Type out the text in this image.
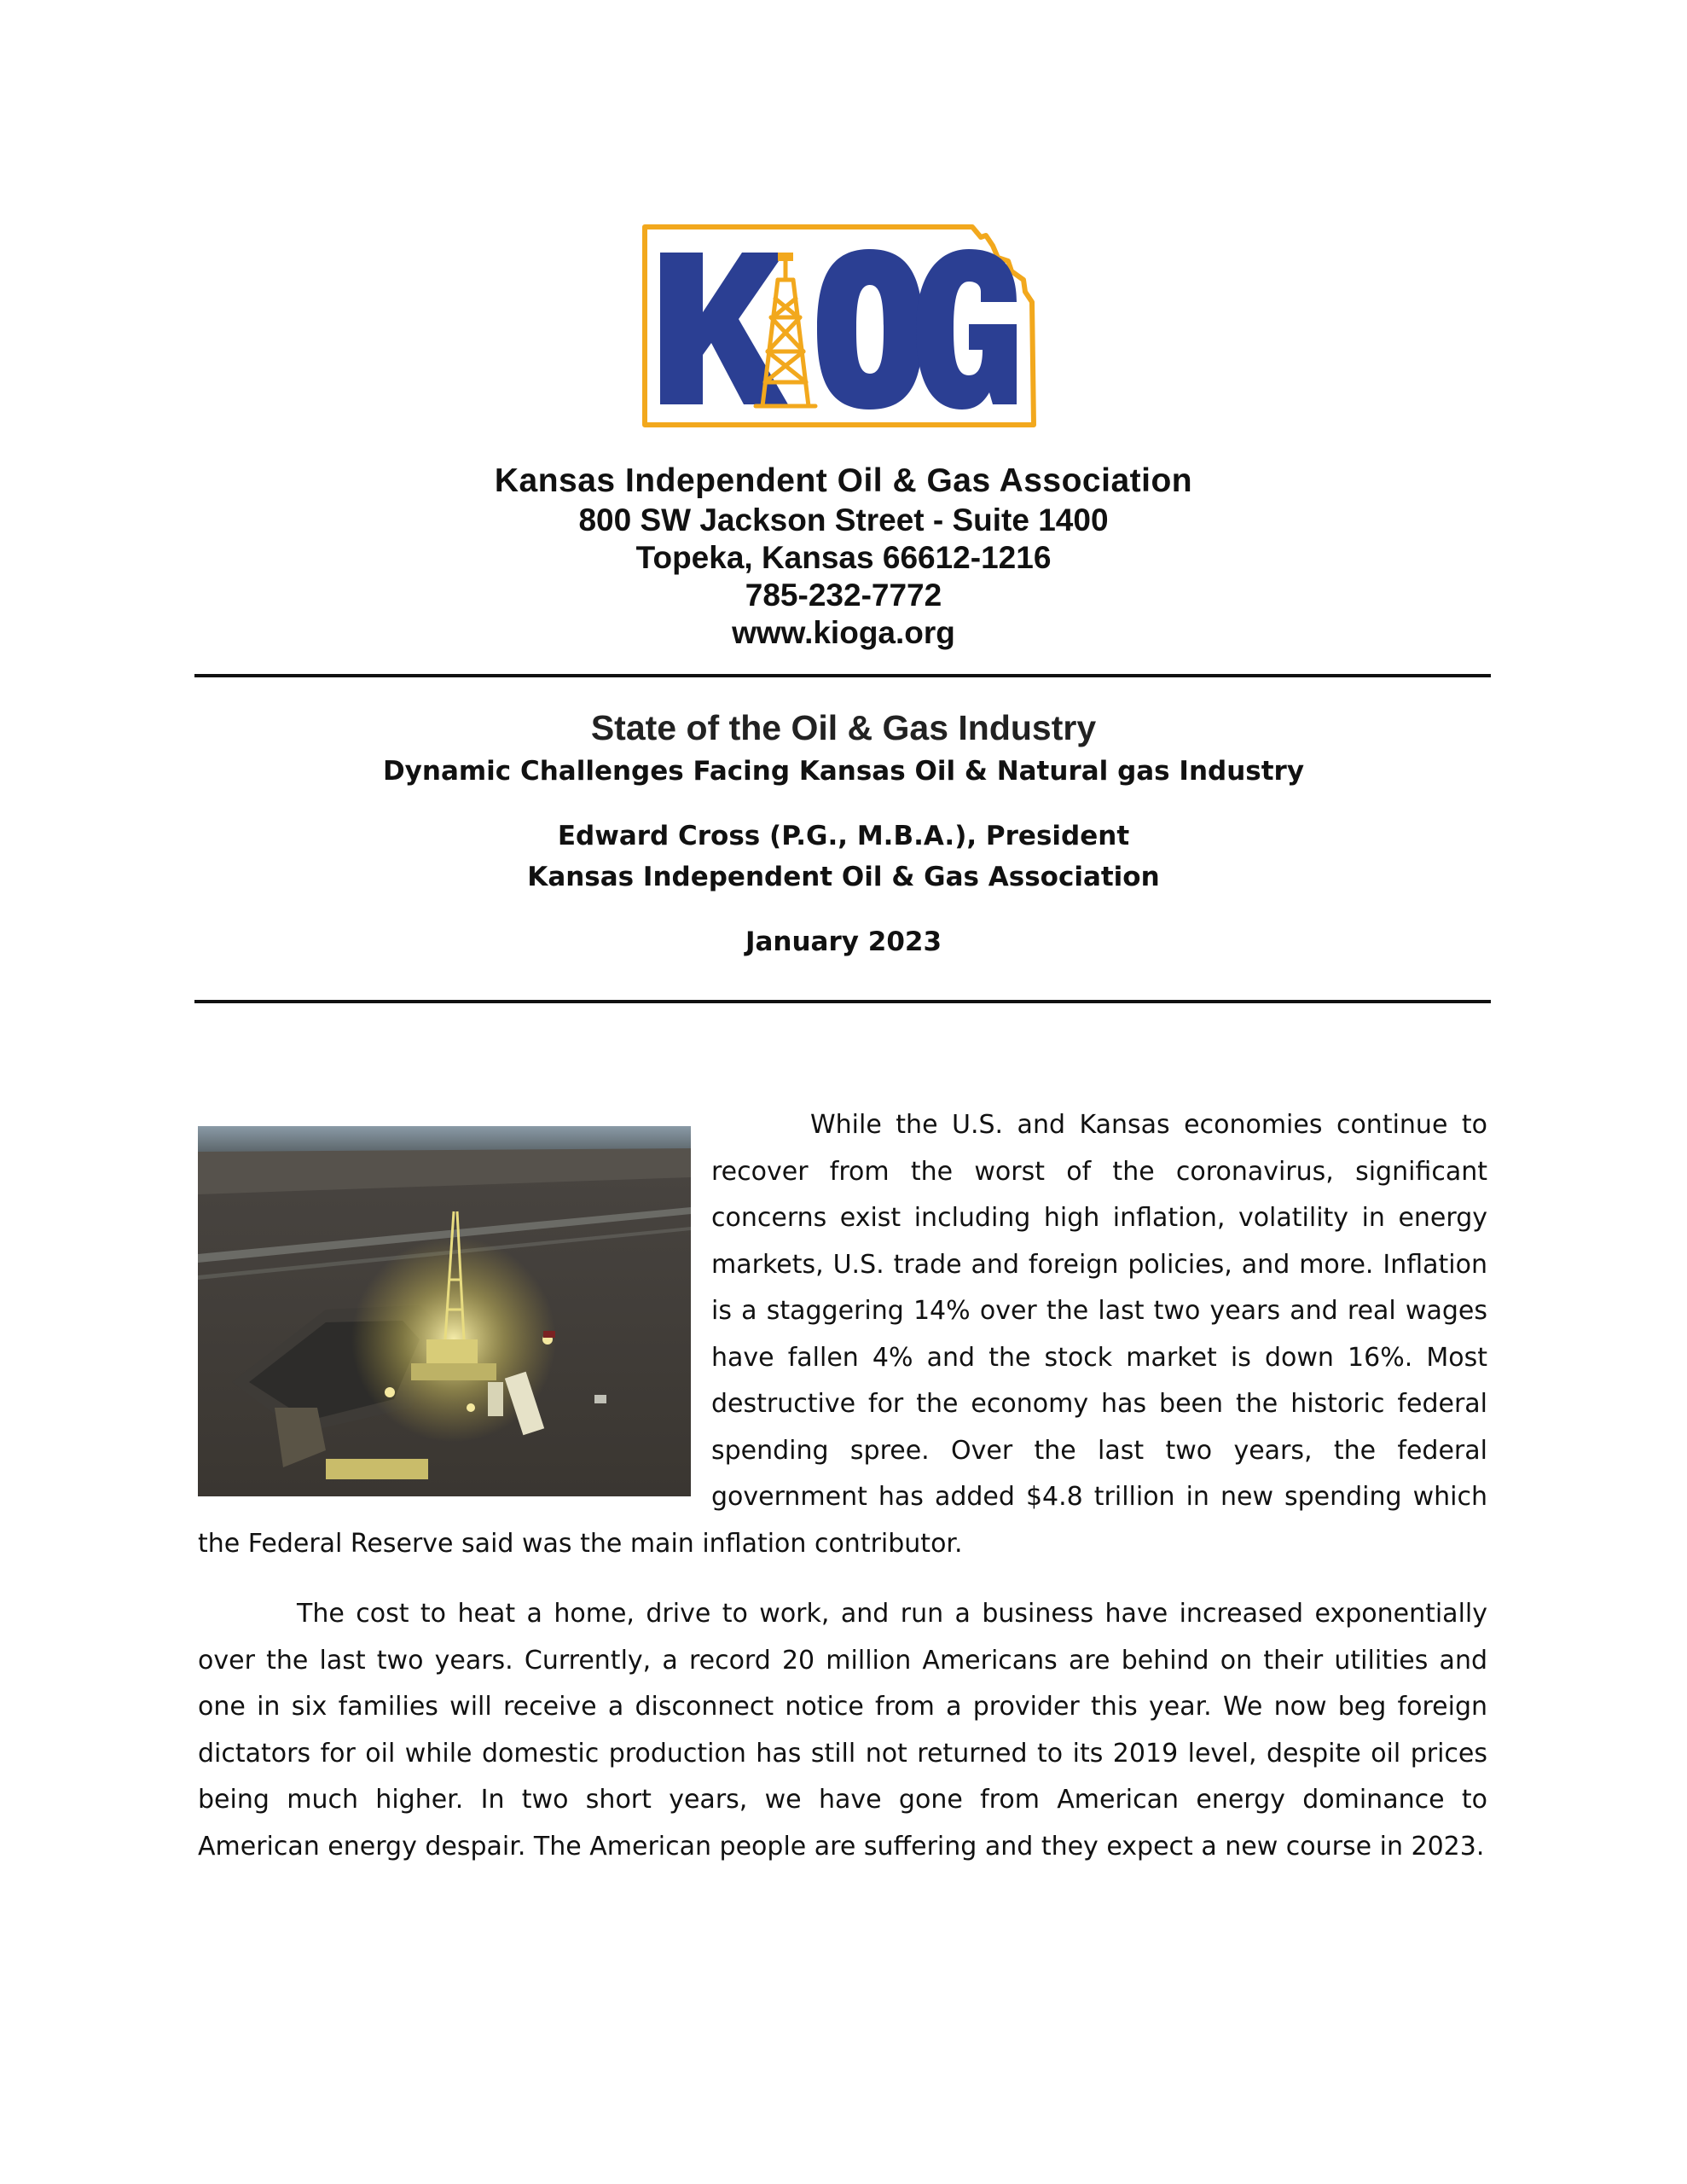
Kansas Independent Oil & Gas Association
800 SW Jackson Street - Suite 1400
Topeka, Kansas 66612-1216
785-232-7772
www.kioga.org
State of the Oil & Gas Industry
Dynamic Challenges Facing Kansas Oil & Natural gas Industry
Edward Cross (P.G., M.B.A.), President
Kansas Independent Oil & Gas Association
January 2023

While the U.S. and Kansas economies continue to recover from the worst of the coronavirus, significant concerns exist including high inflation, volatility in energy markets, U.S. trade and foreign policies, and more. Inflation is a staggering 14% over the last two years and real wages have fallen 4% and the stock market is down 16%. Most destructive for the economy has been the historic federal spending spree. Over the last two years, the federal government has added $4.8 trillion in new spending which the Federal Reserve said was the main inflation contributor.

The cost to heat a home, drive to work, and run a business have increased exponentially over the last two years. Currently, a record 20 million Americans are behind on their utilities and one in six families will receive a disconnect notice from a provider this year. We now beg foreign dictators for oil while domestic production has still not returned to its 2019 level, despite oil prices being much higher. In two short years, we have gone from American energy dominance to American energy despair. The American people are suffering and they expect a new course in 2023.
